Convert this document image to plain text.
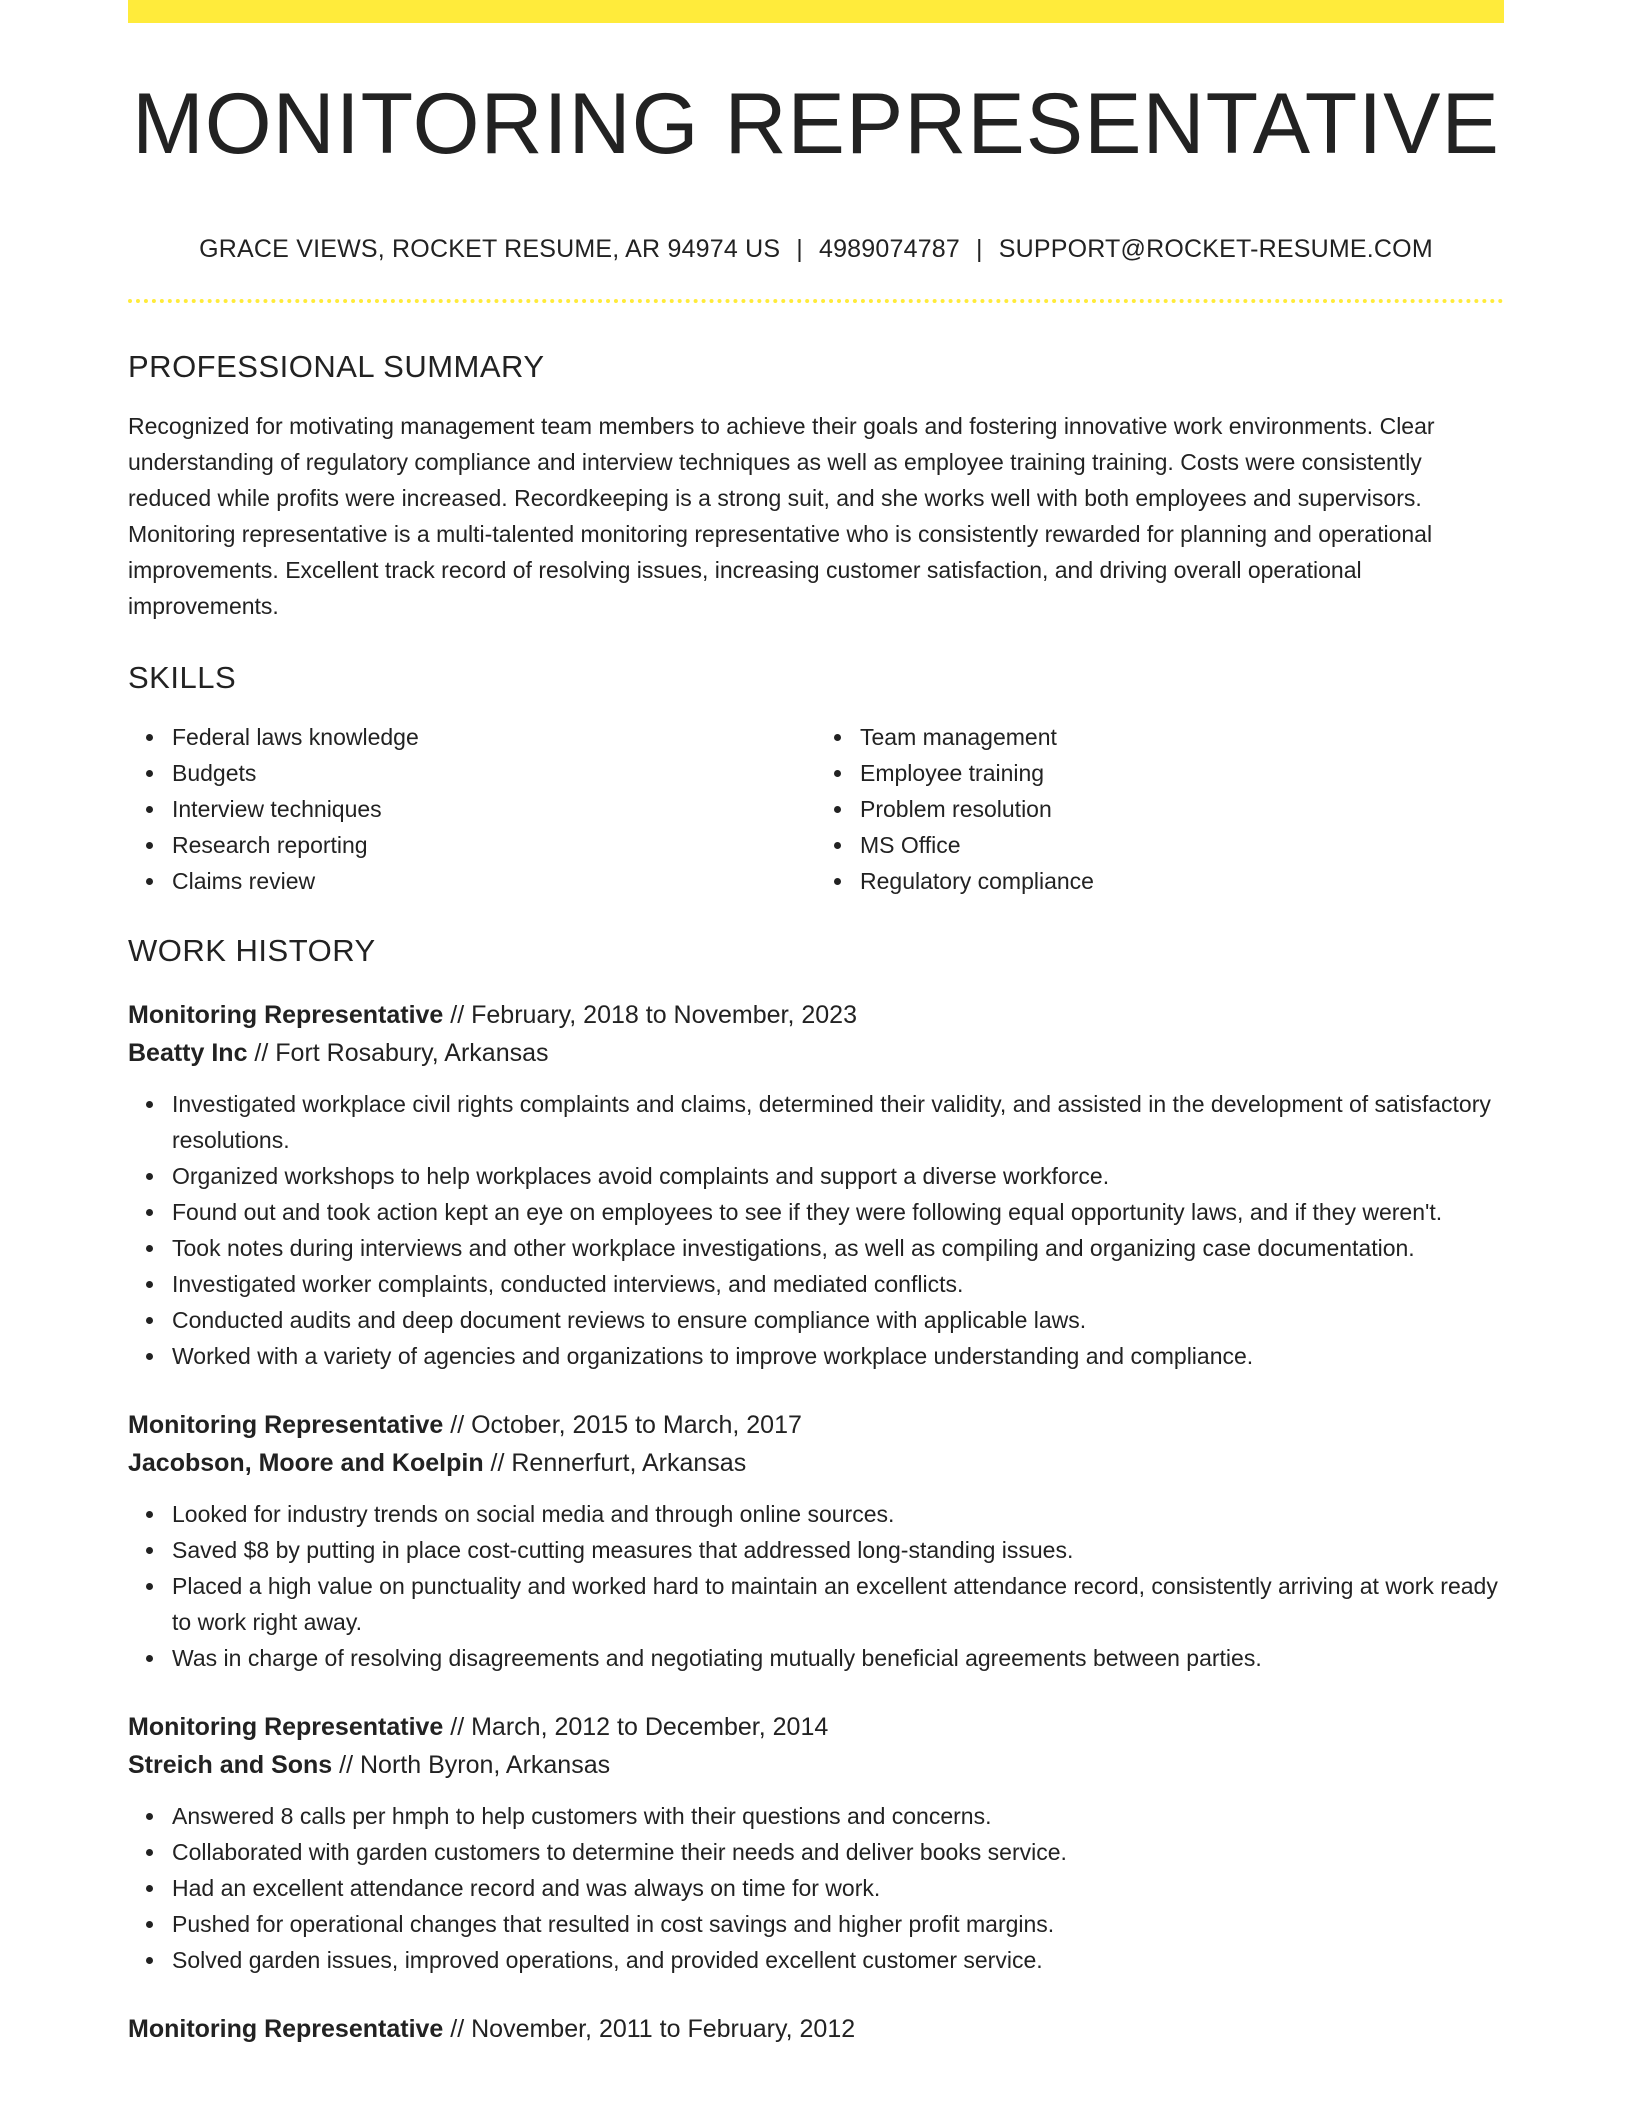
MONITORING REPRESENTATIVE
GRACE VIEWS, ROCKET RESUME, AR 94974 US | 4989074787 | SUPPORT@ROCKET-RESUME.COM
PROFESSIONAL SUMMARY

Recognized for motivating management team members to achieve their goals and fostering innovative work environments. Clear understanding of regulatory compliance and interview techniques as well as employee training training. Costs were consistently reduced while profits were increased. Recordkeeping is a strong suit, and she works well with both employees and supervisors. Monitoring representative is a multi-talented monitoring representative who is consistently rewarded for planning and operational improvements. Excellent track record of resolving issues, increasing customer satisfaction, and driving overall operational improvements.

SKILLS
Federal laws knowledge
Budgets
Interview techniques
Research reporting
Claims review
Team management
Employee training
Problem resolution
MS Office
Regulatory compliance
WORK HISTORY
Monitoring Representative // February, 2018 to November, 2023
Beatty Inc // Fort Rosabury, Arkansas
Investigated workplace civil rights complaints and claims, determined their validity, and assisted in the development of satisfactory resolutions.
Organized workshops to help workplaces avoid complaints and support a diverse workforce.
Found out and took action kept an eye on employees to see if they were following equal opportunity laws, and if they weren't.
Took notes during interviews and other workplace investigations, as well as compiling and organizing case documentation.
Investigated worker complaints, conducted interviews, and mediated conflicts.
Conducted audits and deep document reviews to ensure compliance with applicable laws.
Worked with a variety of agencies and organizations to improve workplace understanding and compliance.
Monitoring Representative // October, 2015 to March, 2017
Jacobson, Moore and Koelpin // Rennerfurt, Arkansas
Looked for industry trends on social media and through online sources.
Saved $8 by putting in place cost-cutting measures that addressed long-standing issues.
Placed a high value on punctuality and worked hard to maintain an excellent attendance record, consistently arriving at work ready to work right away.
Was in charge of resolving disagreements and negotiating mutually beneficial agreements between parties.
Monitoring Representative // March, 2012 to December, 2014
Streich and Sons // North Byron, Arkansas
Answered 8 calls per hmph to help customers with their questions and concerns.
Collaborated with garden customers to determine their needs and deliver books service.
Had an excellent attendance record and was always on time for work.
Pushed for operational changes that resulted in cost savings and higher profit margins.
Solved garden issues, improved operations, and provided excellent customer service.
Monitoring Representative // November, 2011 to February, 2012
